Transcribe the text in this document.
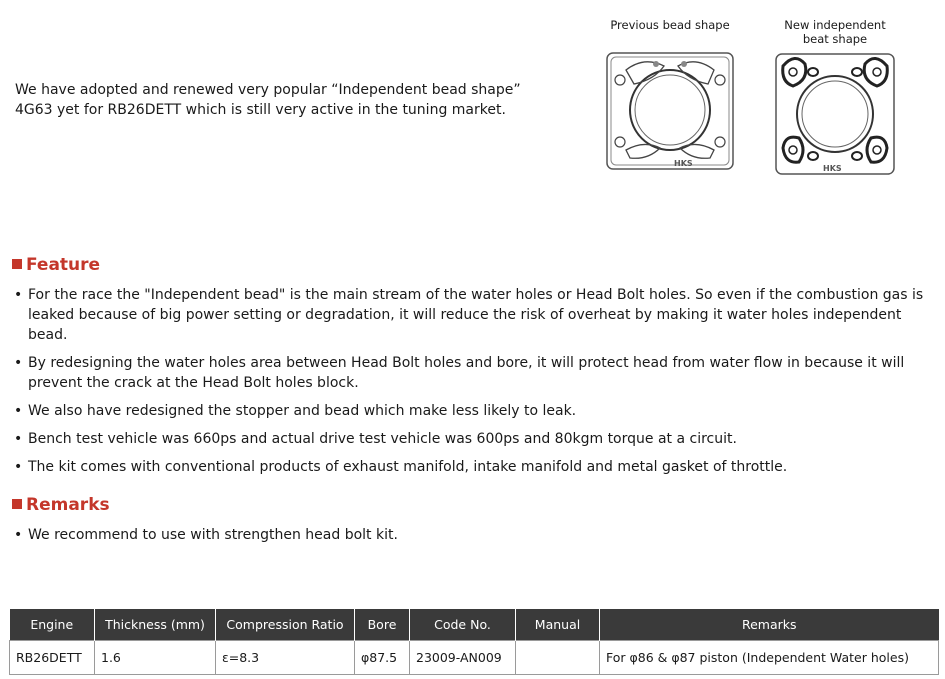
We have adopted and renewed very popular “Independent bead shape”
4G63 yet for RB26DETT which is still very active in the tuning market.
Previous bead shape
HKS
New independent
beat shape
HKS
Feature
• For the race the "Independent bead" is the main stream of the water holes or Head Bolt holes. So even if the combustion gas is leaked because of big power setting or degradation, it will reduce the risk of overheat by making it water holes independent bead.
• By redesigning the water holes area between Head Bolt holes and bore, it will protect head from water flow in because it will prevent the crack at the Head Bolt holes block.
• We also have redesigned the stopper and bead which make less likely to leak.
• Bench test vehicle was 660ps and actual drive test vehicle was 600ps and 80kgm torque at a circuit.
• The kit comes with conventional products of exhaust manifold, intake manifold and metal gasket of throttle.
Remarks
• We recommend to use with strengthen head bolt kit.
Engine	Thickness (mm)	Compression Ratio	Bore	Code No.	Manual	Remarks
RB26DETT	1.6	ε=8.3	φ87.5	23009-AN009		For φ86 & φ87 piston (Independent Water holes)
